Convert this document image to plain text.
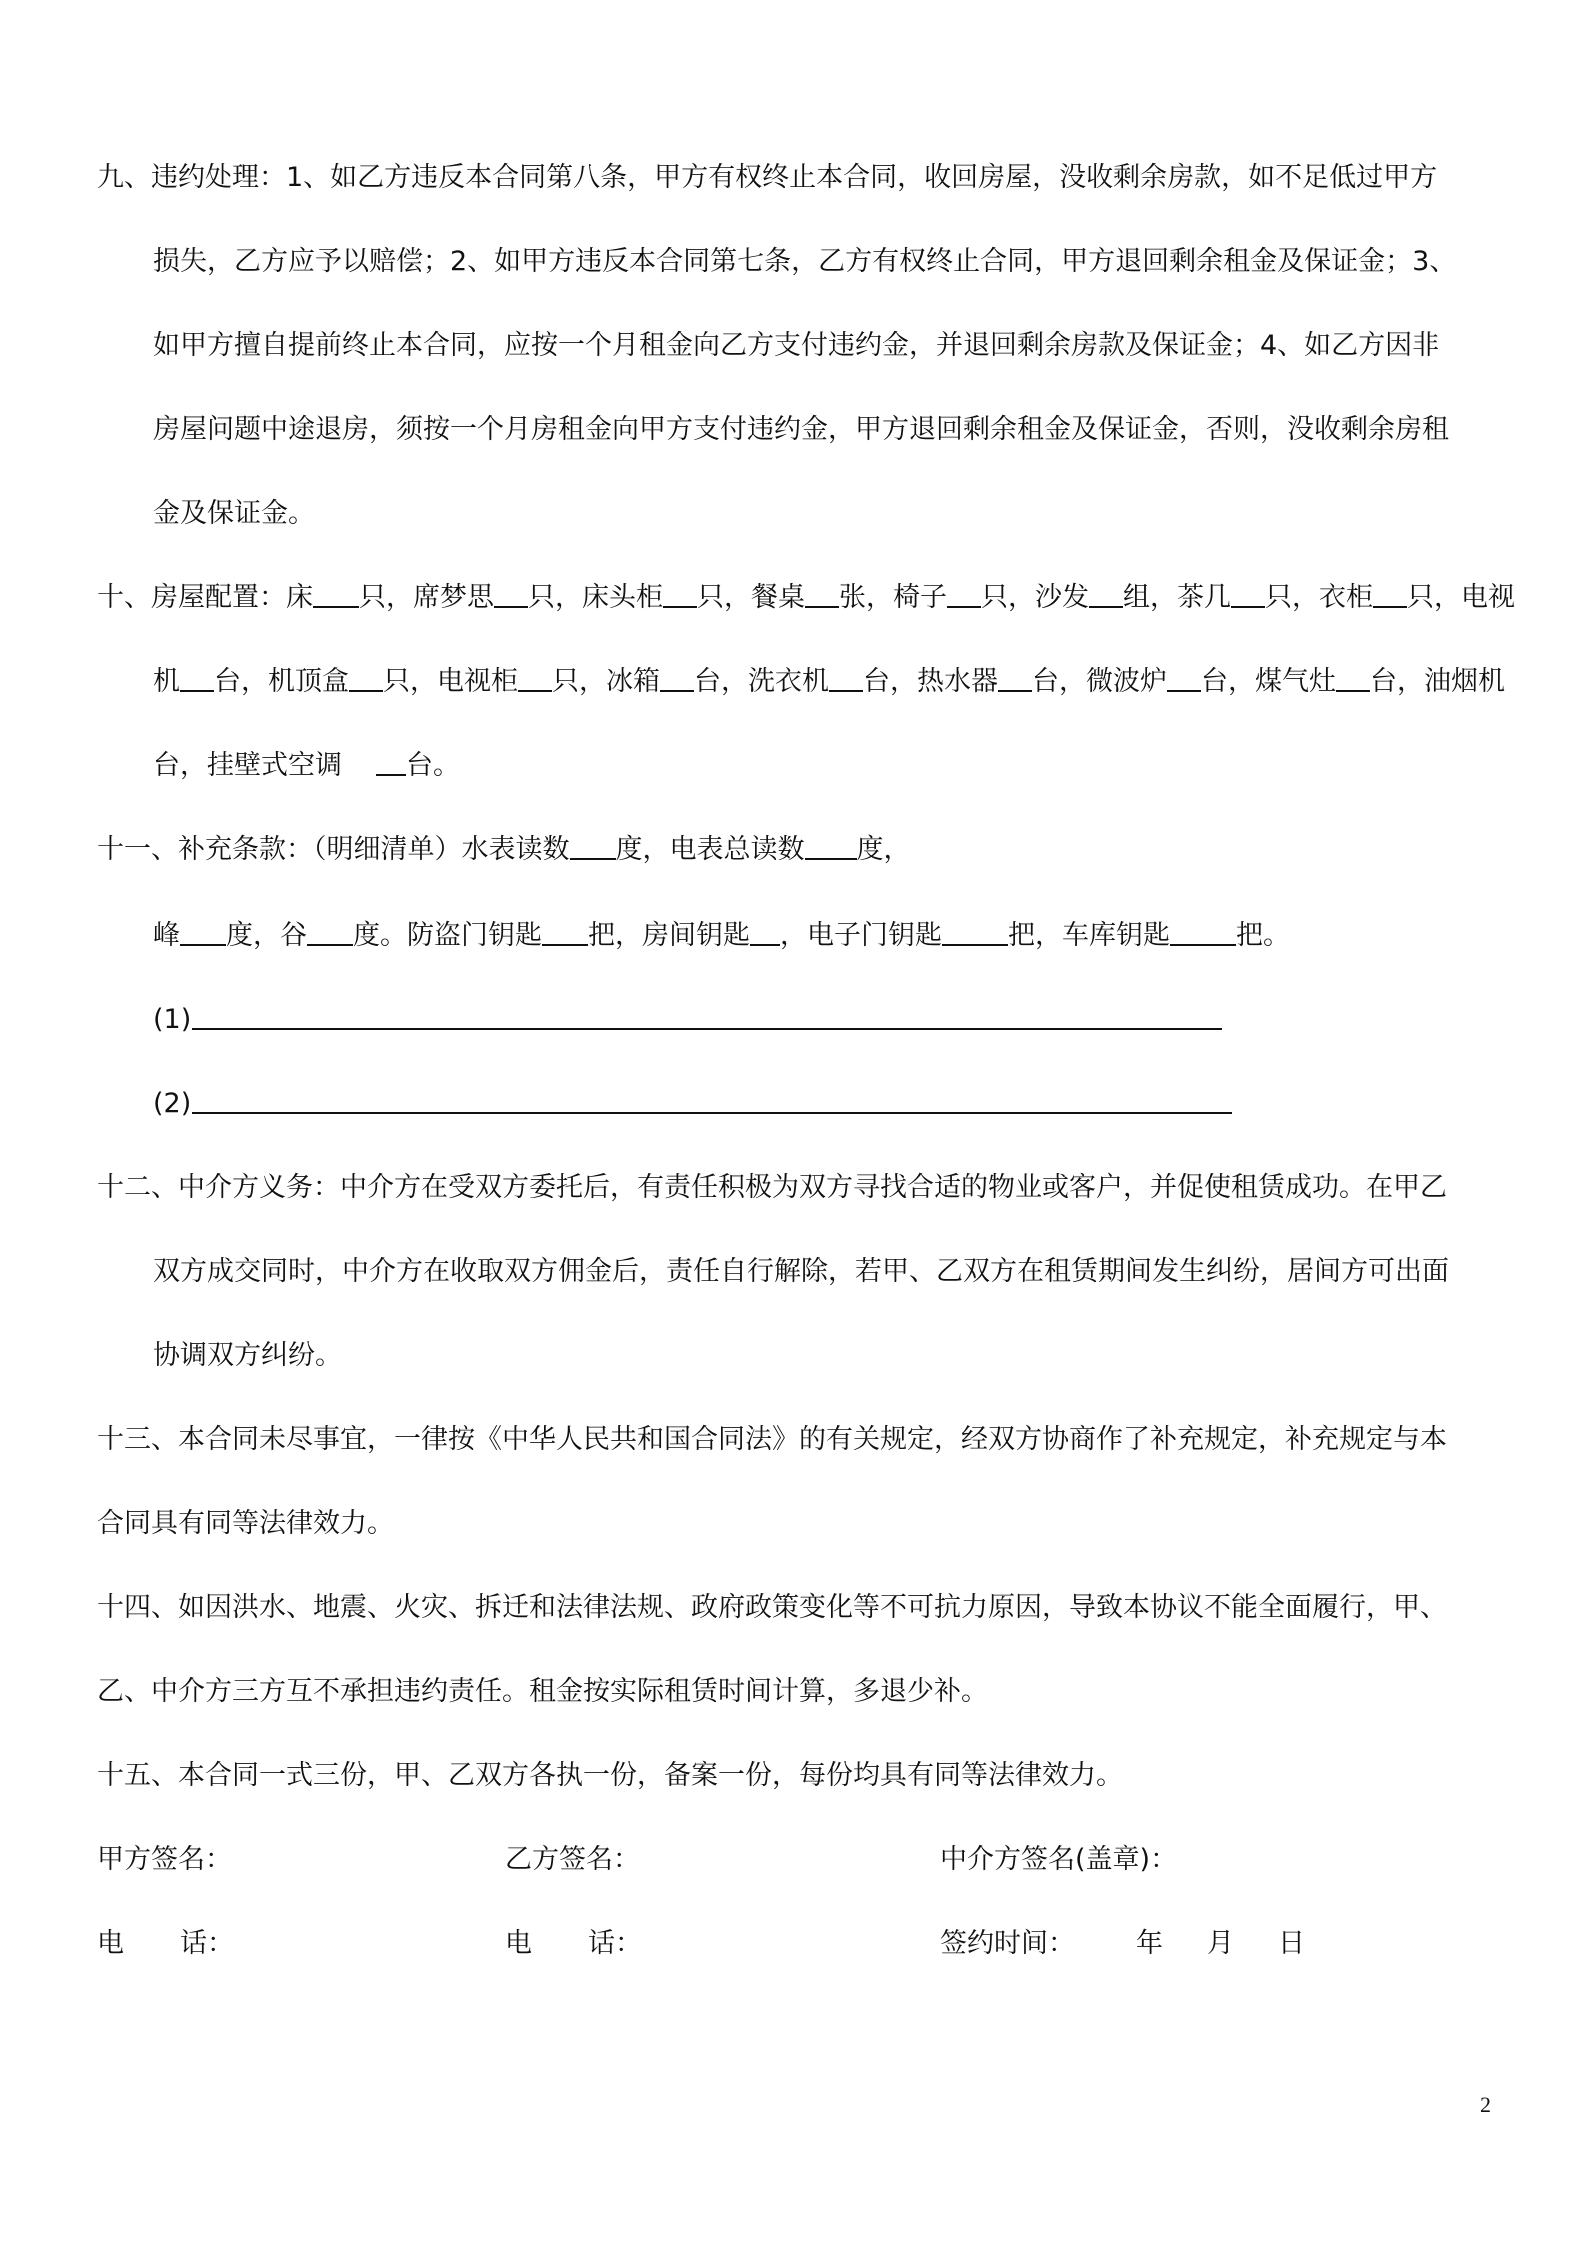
九、违约处理：1、如乙方违反本合同第八条，甲方有权终止本合同，收回房屋，没收剩余房款，如不足低过甲方
损失，乙方应予以赔偿；2、如甲方违反本合同第七条，乙方有权终止合同，甲方退回剩余租金及保证金；3、
如甲方擅自提前终止本合同，应按一个月租金向乙方支付违约金，并退回剩余房款及保证金；4、如乙方因非
房屋问题中途退房，须按一个月房租金向甲方支付违约金，甲方退回剩余租金及保证金，否则，没收剩余房租
金及保证金。
十、房屋配置：床 只，席梦思 只，床头柜 只，餐桌 张，椅子 只，沙发 组，茶几 只，衣柜 只，电视
机 台，机顶盒 只，电视柜 只，冰箱 台，洗衣机 台，热水器 台，微波炉 台，煤气灶 台，油烟机
台，挂壁式空调 台。
十一、补充条款：（明细清单）水表读数 度，电表总读数 度，
峰 度，谷 度。防盗门钥匙 把，房间钥匙 ，电子门钥匙 把，车库钥匙 把。
(1)
(2)
十二、中介方义务：中介方在受双方委托后，有责任积极为双方寻找合适的物业或客户，并促使租赁成功。在甲乙
双方成交同时，中介方在收取双方佣金后，责任自行解除，若甲、乙双方在租赁期间发生纠纷，居间方可出面
协调双方纠纷。
十三、本合同未尽事宜，一律按《中华人民共和国合同法》的有关规定，经双方协商作了补充规定，补充规定与本
合同具有同等法律效力。
十四、如因洪水、地震、火灾、拆迁和法律法规、政府政策变化等不可抗力原因，导致本协议不能全面履行，甲、
乙、中介方三方互不承担违约责任。租金按实际租赁时间计算，多退少补。
十五、本合同一式三份，甲、乙双方各执一份，备案一份，每份均具有同等法律效力。
甲方签名：	乙方签名：	中介方签名(盖章)：
电 话：	电 话：	签约时间： 年 月 日
2
